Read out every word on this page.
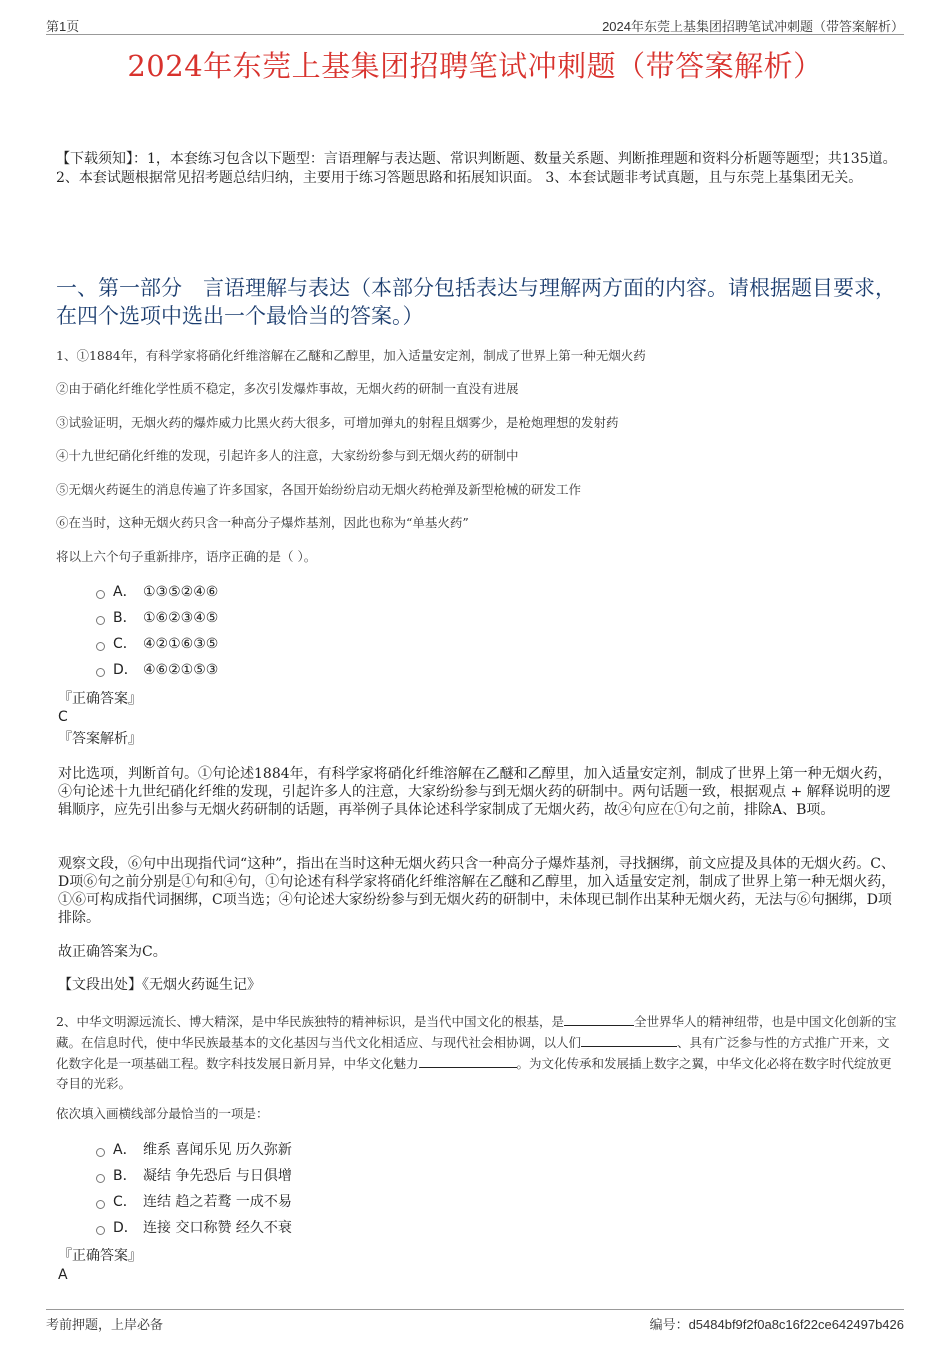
第1页	2024年东莞上基集团招聘笔试冲刺题（带答案解析）
2024年东莞上基集团招聘笔试冲刺题（带答案解析）
【下载须知】：1，本套练习包含以下题型：言语理解与表达题、常识判断题、数量关系题、判断推理题和资料分析题等题型；共135道。 2、本套试题根据常见招考题总结归纳，主要用于练习答题思路和拓展知识面。 3、本套试题非考试真题，且与东莞上基集团无关。
一、第一部分　言语理解与表达（本部分包括表达与理解两方面的内容。请根据题目要求，在四个选项中选出一个最恰当的答案。）
1、①1884年，有科学家将硝化纤维溶解在乙醚和乙醇里，加入适量安定剂，制成了世界上第一种无烟火药
②由于硝化纤维化学性质不稳定，多次引发爆炸事故，无烟火药的研制一直没有进展
③试验证明，无烟火药的爆炸威力比黑火药大很多，可增加弹丸的射程且烟雾少，是枪炮理想的发射药
④十九世纪硝化纤维的发现，引起许多人的注意，大家纷纷参与到无烟火药的研制中
⑤无烟火药诞生的消息传遍了许多国家，各国开始纷纷启动无烟火药枪弹及新型枪械的研发工作
⑥在当时，这种无烟火药只含一种高分子爆炸基剂，因此也称为“单基火药”
将以上六个句子重新排序，语序正确的是（ ）。
A． ①③⑤②④⑥
B． ①⑥②③④⑤
C． ④②①⑥③⑤
D． ④⑥②①⑤③
『正确答案』
C
『答案解析』
对比选项，判断首句。①句论述1884年，有科学家将硝化纤维溶解在乙醚和乙醇里，加入适量安定剂，制成了世界上第一种无烟火药，④句论述十九世纪硝化纤维的发现，引起许多人的注意，大家纷纷参与到无烟火药的研制中。两句话题一致，根据观点 + 解释说明的逻辑顺序，应先引出参与无烟火药研制的话题，再举例子具体论述科学家制成了无烟火药，故④句应在①句之前，排除A、B项。
观察文段，⑥句中出现指代词“这种”，指出在当时这种无烟火药只含一种高分子爆炸基剂，寻找捆绑，前文应提及具体的无烟火药。C、D项⑥句之前分别是①句和④句，①句论述有科学家将硝化纤维溶解在乙醚和乙醇里，加入适量安定剂，制成了世界上第一种无烟火药，①⑥可构成指代词捆绑，C项当选；④句论述大家纷纷参与到无烟火药的研制中，未体现已制作出某种无烟火药，无法与⑥句捆绑，D项排除。
故正确答案为C。
【文段出处】《无烟火药诞生记》
2、中华文明源远流长、博大精深，是中华民族独特的精神标识，是当代中国文化的根基，是	全世界华人的精神纽带，也是中国文化创新的宝藏。在信息时代，使中华民族最基本的文化基因与当代文化相适应、与现代社会相协调，以人们	、具有广泛参与性的方式推广开来，文化数字化是一项基础工程。数字科技发展日新月异，中华文化魅力	。为文化传承和发展插上数字之翼，中华文化必将在数字时代绽放更夺目的光彩。
依次填入画横线部分最恰当的一项是：
A． 维系 喜闻乐见 历久弥新
B． 凝结 争先恐后 与日俱增
C． 连结 趋之若鹜 一成不易
D． 连接 交口称赞 经久不衰
『正确答案』
A
考前押题，上岸必备	编号：d5484bf9f2f0a8c16f22ce642497b426
